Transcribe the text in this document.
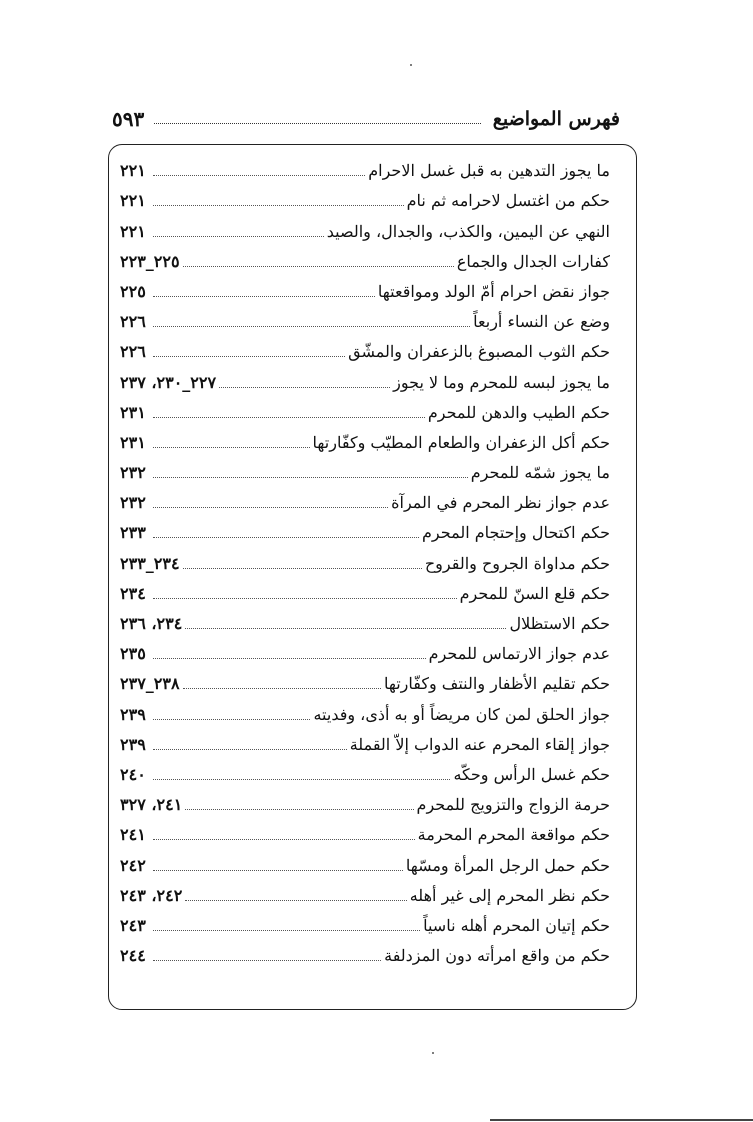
فهرس المواضيع
٥٩٣
ما يجوز التدهين به قبل غسل الاحرام
٢٢١
حكم من اغتسل لاحرامه ثم نام
٢٢١
النهي عن اليمين، والكذب، والجدال، والصيد
٢٢١
كفارات الجدال والجماع
٢٢٥_٢٢٣
جواز نقض احرام أمّ الولد ومواقعتها
٢٢٥
وضع عن النساء أربعاً
٢٢٦
حكم الثوب المصبوغ بالزعفران والمشّق
٢٢٦
ما يجوز لبسه للمحرم وما لا يجوز
٢٢٧_٢٣٠، ٢٣٧
حكم الطيب والدهن للمحرم
٢٣١
حكم أكل الزعفران والطعام المطيّب وكفّارتها
٢٣١
ما يجوز شمّه للمحرم
٢٣٢
عدم جواز نظر المحرم في المرآة
٢٣٢
حكم اكتحال وإحتجام المحرم
٢٣٣
حكم مداواة الجروح والقروح
٢٣٤_٢٣٣
حكم قلع السنّ للمحرم
٢٣٤
حكم الاستظلال
٢٣٤، ٢٣٦
عدم جواز الارتماس للمحرم
٢٣٥
حكم تقليم الأظفار والنتف وكفّارتها
٢٣٨_٢٣٧
جواز الحلق لمن كان مريضاً أو به أذى، وفديته
٢٣٩
جواز إلقاء المحرم عنه الدواب إلاّ القملة
٢٣٩
حكم غسل الرأس وحكّه
٢٤٠
حرمة الزواج والتزويج للمحرم
٢٤١، ٣٢٧
حكم مواقعة المحرم المحرمة
٢٤١
حكم حمل الرجل المرأة ومسّها
٢٤٢
حكم نظر المحرم إلى غير أهله
٢٤٢، ٢٤٣
حكم إتيان المحرم أهله ناسياً
٢٤٣
حكم من واقع امرأته دون المزدلفة
٢٤٤
